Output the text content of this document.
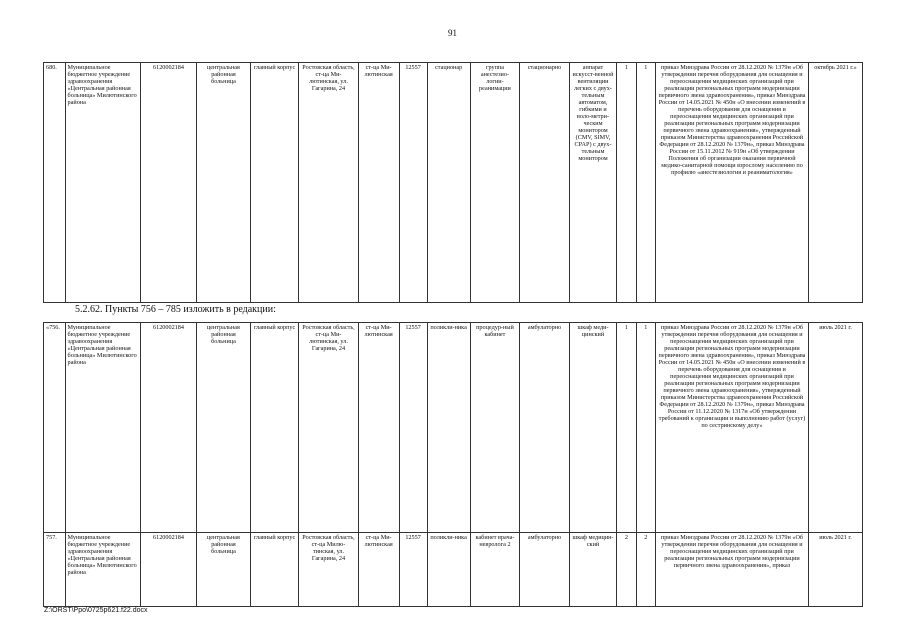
91
680.	Муниципальное бюджетное учреждение здравоохранения «Центральная районная больница» Милютинского района	6120002184	центральная районная больница	главный корпус	Ростовская область, ст-ца Ми-лютинская, ул. Гагарина, 24	ст-ца Ми-лютинская	12557	стационар	группа анестезио-логии-реанимации	стационарно	аппарат искусст-венной вентиляции легких с двух-тельным автоматом, гибкими и воло-метри-ческим монитором (CMV, SIMV, CPAP) с двух-тельным монитором	1	1	приказ Минздрава России от 28.12.2020 № 1379н «Об утверждении перечня оборудования для оснащения и переоснащения медицинских организаций при реализации региональных программ модернизации первичного звена здравоохранения», приказ Минздрава России от 14.05.2021 № 450н «О внесении изменений в перечень оборудования для оснащения и переоснащения медицинских организаций при реализации региональных программ модернизации первичного звена здравоохранения», утвержденный приказом Министерства здравоохранения Российской Федерации от 28.12.2020 № 1379н», приказ Минздрава России от 15.11.2012 № 919н «Об утверждении Положения об организации оказания первичной медико-санитарной помощи взрослому населению по профилю «анестезиология и реаниматология»	октябрь 2021 г.»
5.2.62. Пункты 756 – 785 изложить в редакции:
«756.	Муниципальное бюджетное учреждение здравоохранения «Центральная районная больница» Милютинского района	6120002184	центральная районная больница	главный корпус	Ростовская область, ст-ца Ми-лютинская, ул. Гагарина, 24	ст-ца Ми-лютинская	12557	поликли-ника	процедур-ный кабинет	амбулаторно	шкаф меди-цинский	1	1	приказ Минздрава России от 28.12.2020 № 1379н «Об утверждении перечня оборудования для оснащения и переоснащения медицинских организаций при реализации региональных программ модернизации первичного звена здравоохранения», приказ Минздрава России от 14.05.2021 № 450н «О внесении изменений в перечень оборудования для оснащения и переоснащения медицинских организаций при реализации региональных программ модернизации первичного звена здравоохранения», утвержденный приказом Министерства здравоохранения Российской Федерации от 28.12.2020 № 1379н», приказ Минздрава России от 11.12.2020 № 1317н «Об утверждении требований к организации и выполнению работ (услуг) по сестринскому делу»	июль 2021 г.
757.	Муниципальное бюджетное учреждение здравоохранения «Центральная районная больница» Милютинского района	6120002184	центральная районная больница	главный корпус	Ростовская область, ст-ца Милю-тинская, ул. Гагарина, 24	ст-ца Ми-лютинская	12557	поликли-ника	кабинет врача-невролога 2	амбулаторно	шкаф медицин-ский	2	2	приказ Минздрава России от 28.12.2020 № 1379н «Об утверждении перечня оборудования для оснащения и переоснащения медицинских организаций при реализации региональных программ модернизации первичного звена здравоохранения», приказ	июль 2021 г.
Z:\ORST\Ppo\0725p621.f22.docx
